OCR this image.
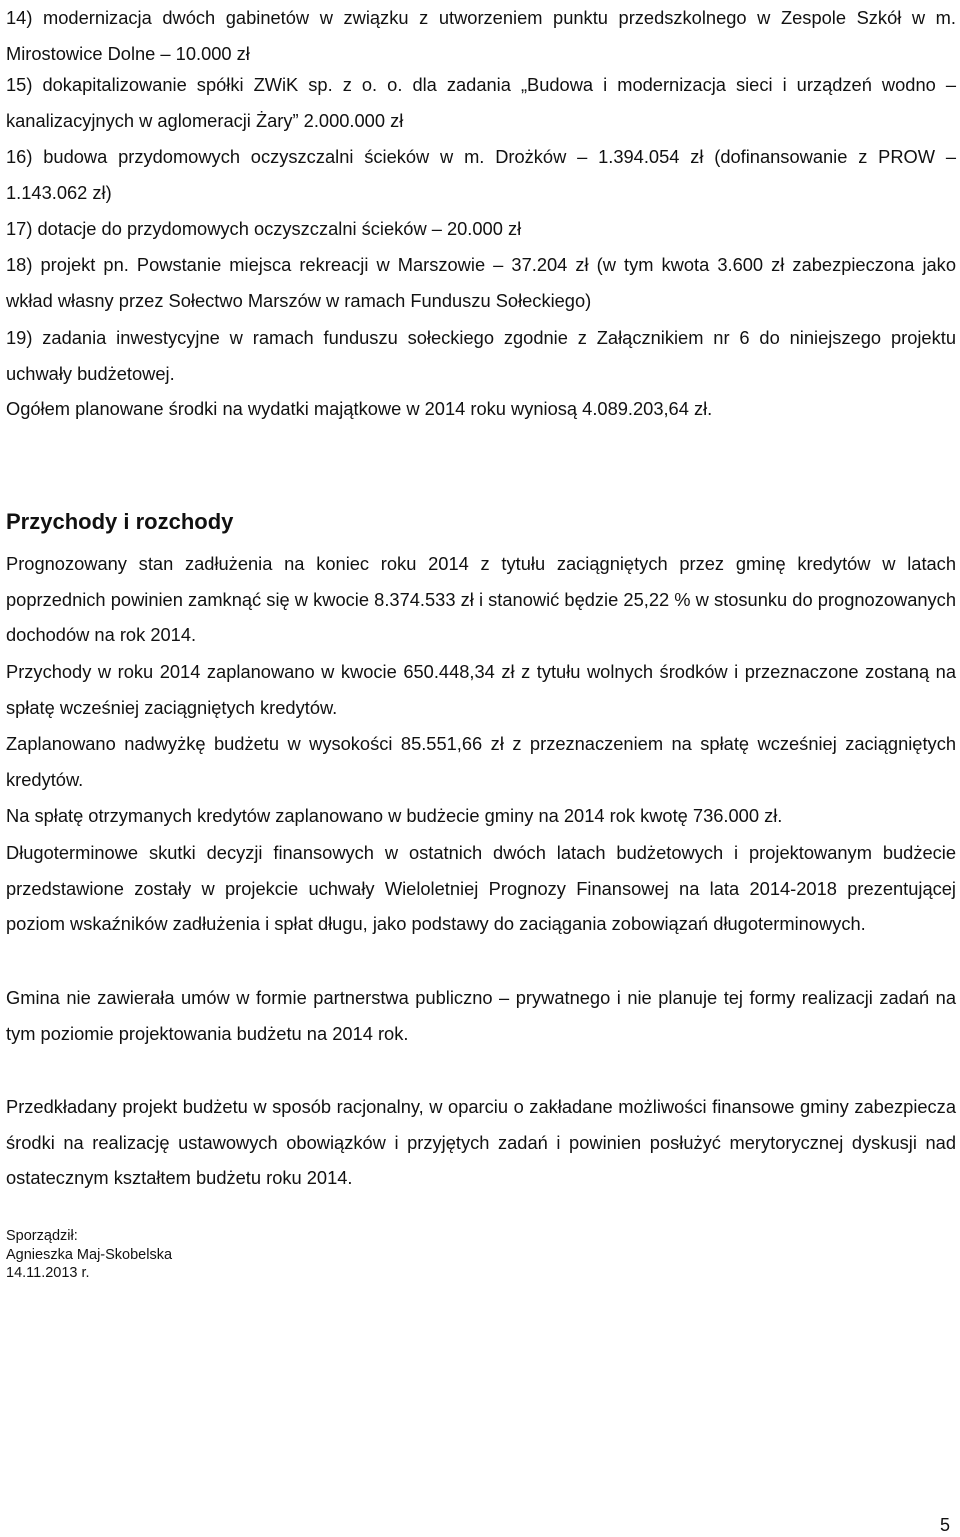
14) modernizacja dwóch gabinetów w związku z utworzeniem punktu przedszkolnego w Zespole Szkół w m. Mirostowice Dolne – 10.000 zł

15) dokapitalizowanie spółki ZWiK sp. z o. o. dla zadania „Budowa i modernizacja sieci i urządzeń wodno – kanalizacyjnych w aglomeracji Żary” 2.000.000 zł

16) budowa przydomowych oczyszczalni ścieków w m. Drożków – 1.394.054 zł (dofinansowanie z PROW – 1.143.062 zł)

17) dotacje do przydomowych oczyszczalni ścieków – 20.000 zł

18) projekt pn. Powstanie miejsca rekreacji w Marszowie – 37.204 zł (w tym kwota 3.600 zł zabezpieczona jako wkład własny przez Sołectwo Marszów w ramach Funduszu Sołeckiego)

19) zadania inwestycyjne w ramach funduszu sołeckiego zgodnie z Załącznikiem nr 6 do niniejszego projektu uchwały budżetowej.

Ogółem planowane środki na wydatki majątkowe w 2014 roku wyniosą 4.089.203,64 zł.

Przychody i rozchody

Prognozowany stan zadłużenia na koniec roku 2014 z tytułu zaciągniętych przez gminę kredytów w latach poprzednich powinien zamknąć się w kwocie 8.374.533 zł i stanowić będzie 25,22 % w stosunku do prognozowanych dochodów na rok 2014.

Przychody w roku 2014 zaplanowano w kwocie 650.448,34 zł z tytułu wolnych środków i przeznaczone zostaną na spłatę wcześniej zaciągniętych kredytów.

Zaplanowano nadwyżkę budżetu w wysokości 85.551,66 zł z przeznaczeniem na spłatę wcześniej zaciągniętych kredytów.

Na spłatę otrzymanych kredytów zaplanowano w budżecie gminy na 2014 rok kwotę 736.000 zł.

Długoterminowe skutki decyzji finansowych w ostatnich dwóch latach budżetowych i projektowanym budżecie przedstawione zostały w projekcie uchwały Wieloletniej Prognozy Finansowej na lata 2014-2018 prezentującej poziom wskaźników zadłużenia i spłat długu, jako podstawy do zaciągania zobowiązań długoterminowych.

Gmina nie zawierała umów w formie partnerstwa publiczno – prywatnego i nie planuje tej formy realizacji zadań na tym poziomie projektowania budżetu na 2014 rok.

Przedkładany projekt budżetu w sposób racjonalny, w oparciu o zakładane możliwości finansowe gminy zabezpiecza środki na realizację ustawowych obowiązków i przyjętych zadań i powinien posłużyć merytorycznej dyskusji nad ostatecznym kształtem budżetu roku 2014.

Sporządził:
Agnieszka Maj-Skobelska
14.11.2013 r.
5
